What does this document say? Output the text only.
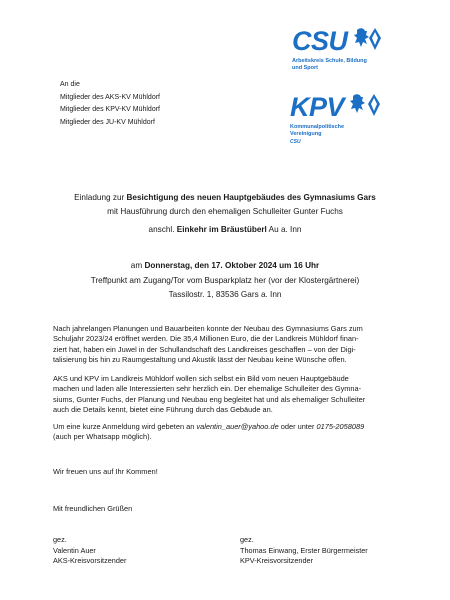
CSU
Arbeitskreis Schule, Bildung
und Sport
KPV
Kommunalpolitische
Vereinigung
CSU
An die
Mitglieder des AKS-KV Mühldorf
Mitglieder des KPV-KV Mühldorf
Mitglieder des JU-KV Mühldorf
Einladung zur Besichtigung des neuen Hauptgebäudes des Gymnasiums Gars
mit Hausführung durch den ehemaligen Schulleiter Gunter Fuchs
anschl. Einkehr im Bräustüberl Au a. Inn
am Donnerstag, den 17. Oktober 2024 um 16 Uhr
Treffpunkt am Zugang/Tor vom Busparkplatz her (vor der Klostergärtnerei)
Tassilostr. 1, 83536 Gars a. Inn

Nach jahrelangen Planungen und Bauarbeiten konnte der Neubau des Gymnasiums Gars zum

Schuljahr 2023/24 eröffnet werden. Die 35,4 Millionen Euro, die der Landkreis Mühldorf finan-

ziert hat, haben ein Juwel in der Schullandschaft des Landkreises geschaffen – von der Digi-

talisierung bis hin zu Raumgestaltung und Akustik lässt der Neubau keine Wünsche offen.

AKS und KPV im Landkreis Mühldorf wollen sich selbst ein Bild vom neuen Hauptgebäude

machen und laden alle Interessierten sehr herzlich ein. Der ehemalige Schulleiter des Gymna-

siums, Gunter Fuchs, der Planung und Neubau eng begleitet hat und als ehemaliger Schulleiter

auch die Details kennt, bietet eine Führung durch das Gebäude an.

Um eine kurze Anmeldung wird gebeten an valentin_auer@yahoo.de oder unter 0175-2058089

(auch per Whatsapp möglich).

Wir freuen uns auf Ihr Kommen!
Mit freundlichen Grüßen
gez.
Valentin Auer
AKS-Kreisvorsitzender
gez.
Thomas Einwang, Erster Bürgermeister
KPV-Kreisvorsitzender
